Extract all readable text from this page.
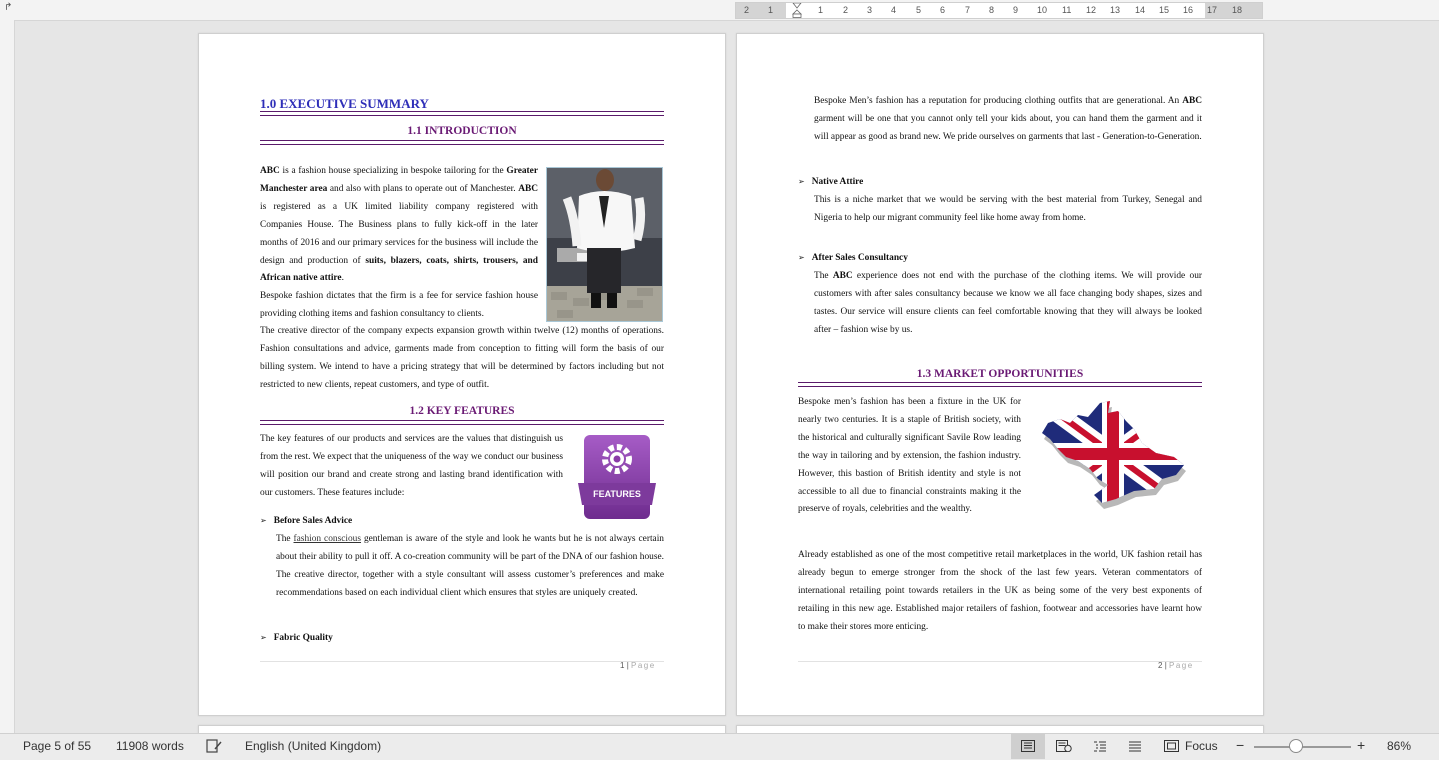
↱	2 1	1 2 3 4 5 6 7 8 9 10 11 12 13 14 15 16 17 18
1.0 EXECUTIVE SUMMARY
1.1 INTRODUCTION
ABC is a fashion house specializing in bespoke tailoring for the Greater Manchester area and also with plans to operate out of Manchester. ABC is registered as a UK limited liability company registered with Companies House. The Business plans to fully kick-off in the later months of 2016 and our primary services for the business will include the design and production of suits, blazers, coats, shirts, trousers, and African native attire.
Bespoke fashion dictates that the firm is a fee for service fashion house providing clothing items and fashion consultancy to clients.
The creative director of the company expects expansion growth within twelve (12) months of operations. Fashion consultations and advice, garments made from conception to fitting will form the basis of our billing system. We intend to have a pricing strategy that will be determined by factors including but not restricted to new clients, repeat customers, and type of outfit.
1.2 KEY FEATURES
The key features of our products and services are the values that distinguish us from the rest. We expect that the uniqueness of the way we conduct our business will position our brand and create strong and lasting brand identification with our customers. These features include:	FEATURES
➢ Before Sales Advice
The fashion conscious gentleman is aware of the style and look he wants but he is not always certain about their ability to pull it off. A co-creation community will be part of the DNA of our fashion house. The creative director, together with a style consultant will assess customer’s preferences and make recommendations based on each individual client which ensures that styles are uniquely created.
➢ Fabric Quality
1 | Page
Bespoke Men’s fashion has a reputation for producing clothing outfits that are generational. An ABC garment will be one that you cannot only tell your kids about, you can hand them the garment and it will appear as good as brand new. We pride ourselves on garments that last - Generation-to-Generation.
➢ Native Attire
This is a niche market that we would be serving with the best material from Turkey, Senegal and Nigeria to help our migrant community feel like home away from home.
➢ After Sales Consultancy
The ABC experience does not end with the purchase of the clothing items. We will provide our customers with after sales consultancy because we know we all face changing body shapes, sizes and tastes. Our service will ensure clients can feel comfortable knowing that they will always be looked after – fashion wise by us.
1.3 MARKET OPPORTUNITIES
Bespoke men’s fashion has been a fixture in the UK for nearly two centuries. It is a staple of British society, with the historical and culturally significant Savile Row leading the way in tailoring and by extension, the fashion industry. However, this bastion of British identity and style is not accessible to all due to financial constraints making it the preserve of royals, celebrities and the wealthy.
Already established as one of the most competitive retail marketplaces in the world, UK fashion retail has already begun to emerge stronger from the shock of the last few years. Veteran commentators of international retailing point towards retailers in the UK as being some of the very best exponents of retailing in this new age. Established major retailers of fashion, footwear and accessories have learnt how to make their stores more enticing.
2 | Page
Page 5 of 55 11908 words	English (United Kingdom)	Focus −	+ 86%
